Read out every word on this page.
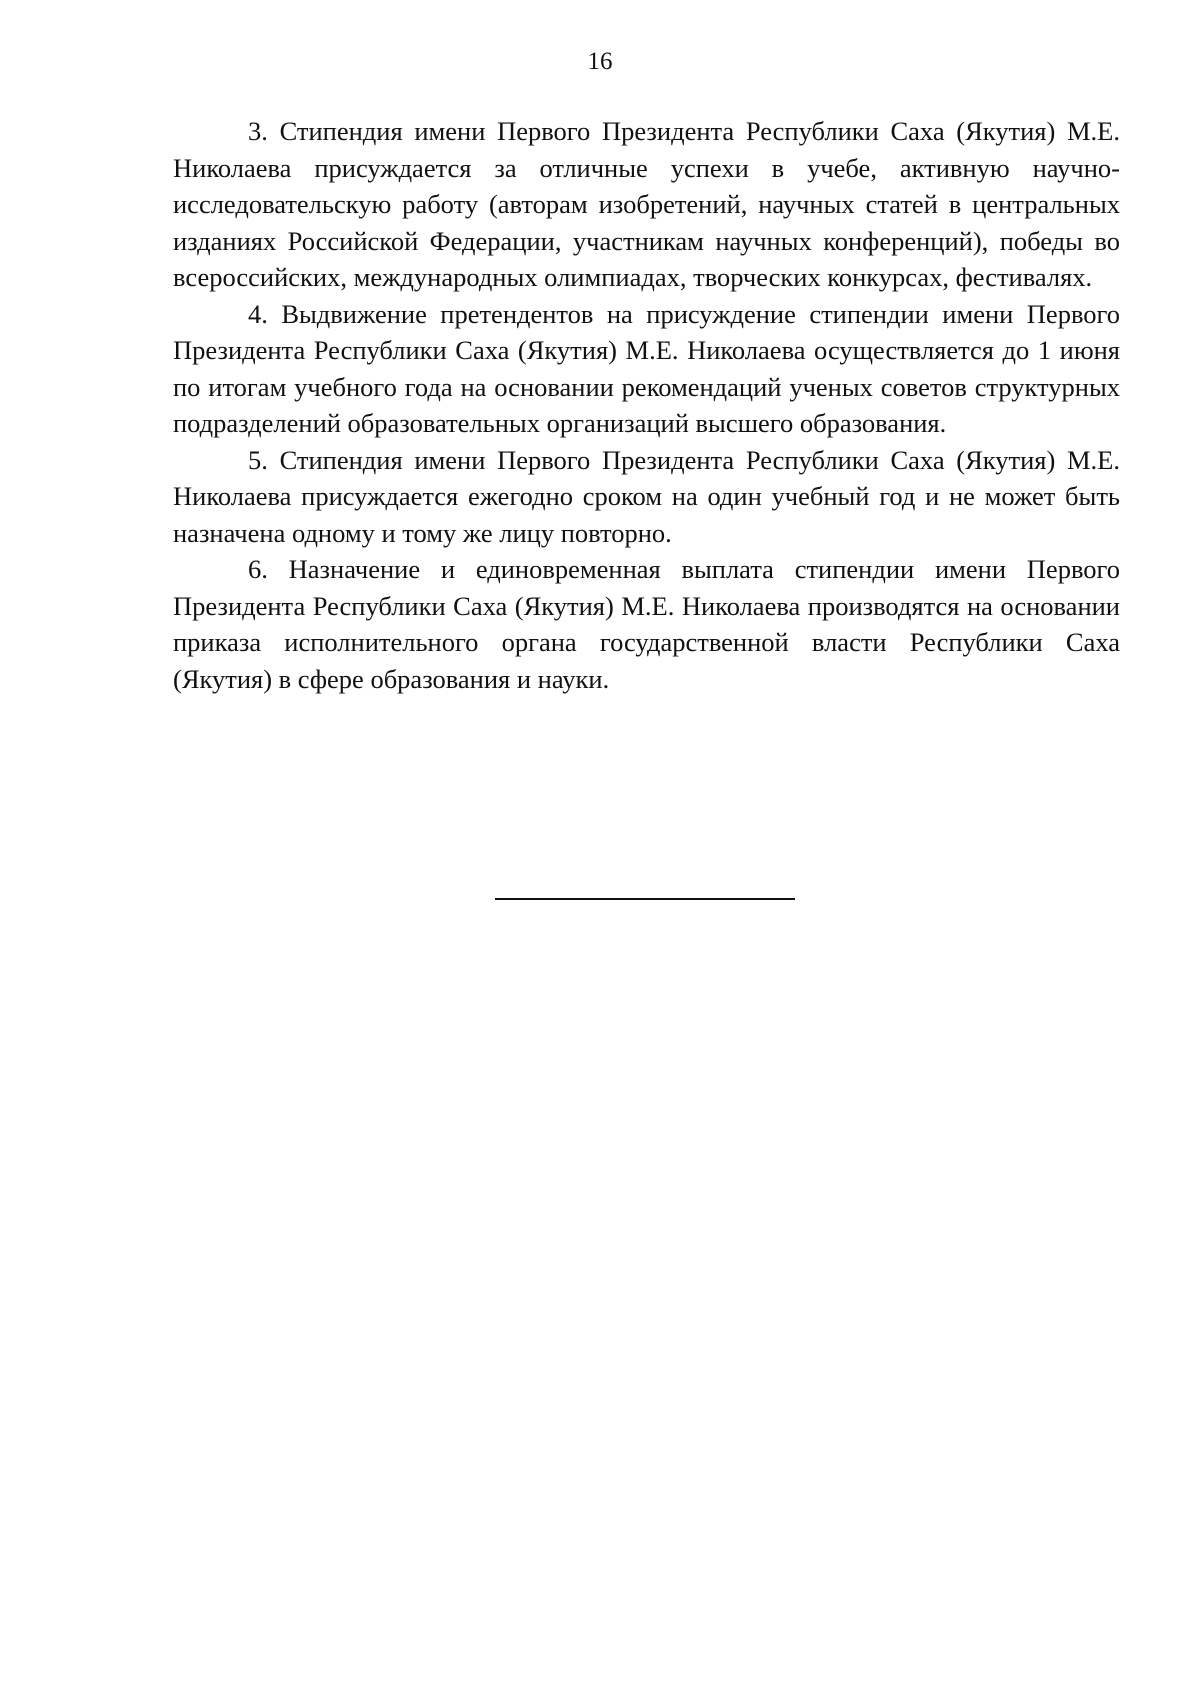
16

3. Стипендия имени Первого Президента Республики Саха (Якутия) М.Е. Николаева присуждается за отличные успехи в учебе, активную научно-исследовательскую работу (авторам изобретений, научных статей в центральных изданиях Российской Федерации, участникам научных конференций), победы во всероссийских, международных олимпиадах, творческих конкурсах, фестивалях.

4. Выдвижение претендентов на присуждение стипендии имени Первого Президента Республики Саха (Якутия) М.Е. Николаева осуществляется до 1 июня по итогам учебного года на основании рекомендаций ученых советов структурных подразделений образовательных организаций высшего образования.

5. Стипендия имени Первого Президента Республики Саха (Якутия) М.Е. Николаева присуждается ежегодно сроком на один учебный год и не может быть назначена одному и тому же лицу повторно.

6. Назначение и единовременная выплата стипендии имени Первого Президента Республики Саха (Якутия) М.Е. Николаева производятся на основании приказа исполнительного органа государственной власти Республики Саха (Якутия) в сфере образования и науки.
